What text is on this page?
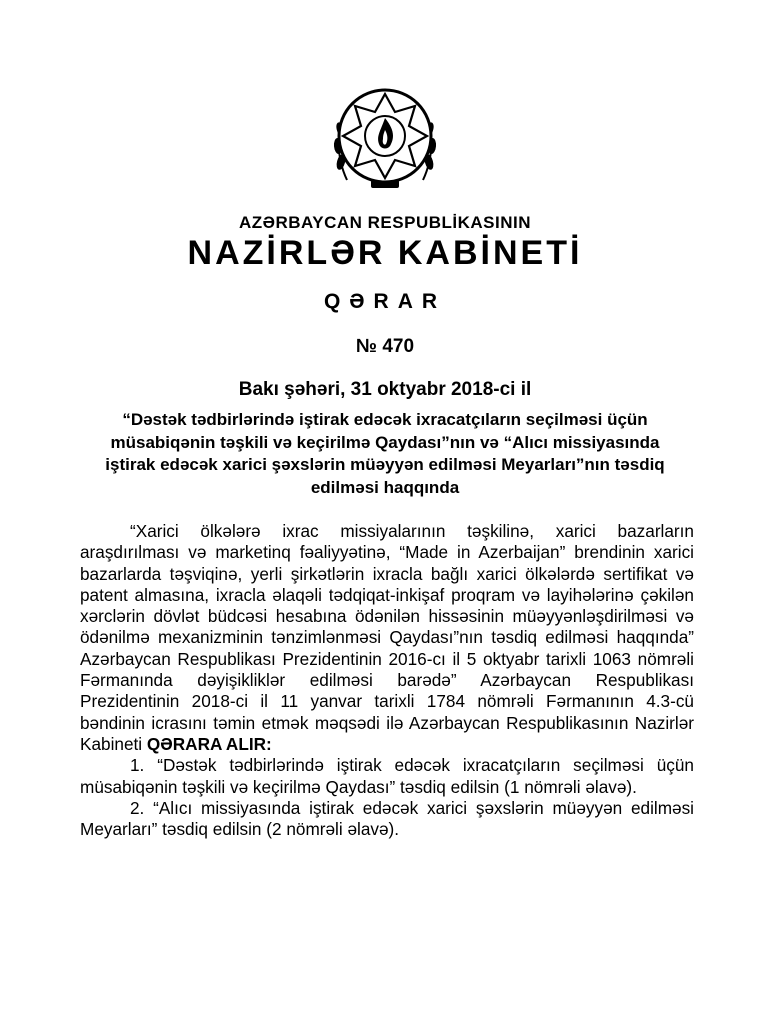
AZƏRBAYCAN RESPUBLİKASININ
NAZİRLƏR KABİNETİ
QƏRAR
№ 470
Bakı şəhəri, 31 oktyabr 2018-ci il
“Dəstək tədbirlərində iştirak edəcək ixracatçıların seçilməsi üçün müsabiqənin təşkili və keçirilmə Qaydası”nın və “Alıcı missiyasında iştirak edəcək xarici şəxslərin müəyyən edilməsi Meyarları”nın təsdiq edilməsi haqqında

“Xarici ölkələrə ixrac missiyalarının təşkilinə, xarici bazarların araşdırılması və marketinq fəaliyyətinə, “Made in Azerbaijan” brendinin xarici bazarlarda təşviqinə, yerli şirkətlərin ixracla bağlı xarici ölkələrdə sertifikat və patent almasına, ixracla əlaqəli tədqiqat-inkişaf proqram və layihələrinə çəkilən xərclərin dövlət büdcəsi hesabına ödənilən hissəsinin müəyyənləşdirilməsi və ödənilmə mexanizminin tənzimlənməsi Qaydası”nın təsdiq edilməsi haqqında” Azərbaycan Respublikası Prezidentinin 2016-cı il 5 oktyabr tarixli 1063 nömrəli Fərmanında dəyişikliklər edilməsi barədə” Azərbaycan Respublikası Prezidentinin 2018-ci il 11 yanvar tarixli 1784 nömrəli Fərmanının 4.3-cü bəndinin icrasını təmin etmək məqsədi ilə Azərbaycan Respublikasının Nazirlər Kabineti QƏRARA ALIR:

1. “Dəstək tədbirlərində iştirak edəcək ixracatçıların seçilməsi üçün müsabiqənin təşkili və keçirilmə Qaydası” təsdiq edilsin (1 nömrəli əlavə).

2. “Alıcı missiyasında iştirak edəcək xarici şəxslərin müəyyən edilməsi Meyarları” təsdiq edilsin (2 nömrəli əlavə).
